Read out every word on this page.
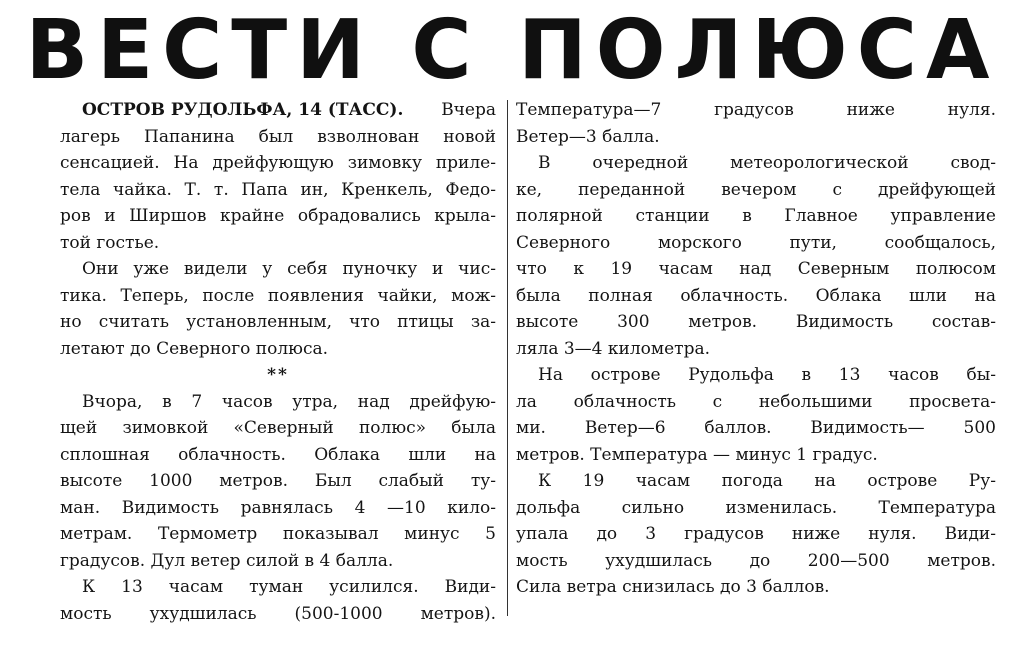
ВЕСТИ С ПОЛЮСА
ОСТРОВ РУДОЛЬФА, 14 (ТАСС). Вчера
лагерь Папанина был взволнован новой
сенсацией. На дрейфующую зимовку приле-
тела чайка. Т. т. Папа ин, Кренкель, Федо-
ров и Ширшов крайне обрадовались крыла-
той гостье.
Они уже видели у себя пуночку и чис-
тика. Теперь, после появления чайки, мож-
но считать установленным, что птицы за-
летают до Северного полюса.
**
Вчора, в 7 часов утра, над дрейфую-
щей зимовкой «Северный полюс» была
сплошная облачность. Облака шли на
высоте 1000 метров. Был слабый ту-
ман. Видимость равнялась 4 —10 кило-
метрам. Термометр показывал минус 5
градусов. Дул ветер силой в 4 балла.
К 13 часам туман усилился. Види-
мость ухудшилась (500-1000 метров).
Температура—7 градусов ниже нуля.
Ветер—3 балла.
В очередной метеорологической свод-
ке, переданной вечером с дрейфующей
полярной станции в Главное управление
Северного морского пути, сообщалось,
что к 19 часам над Северным полюсом
была полная облачность. Облака шли на
высоте 300 метров. Видимость состав-
ляла 3—4 километра.
На острове Рудольфа в 13 часов бы-
ла облачность с небольшими просвета-
ми. Ветер—6 баллов. Видимость— 500
метров. Температура — минус 1 градус.
К 19 часам погода на острове Ру-
дольфа сильно изменилась. Температура
упала до 3 градусов ниже нуля. Види-
мость ухудшилась до 200—500 метров.
Сила ветра снизилась до 3 баллов.
